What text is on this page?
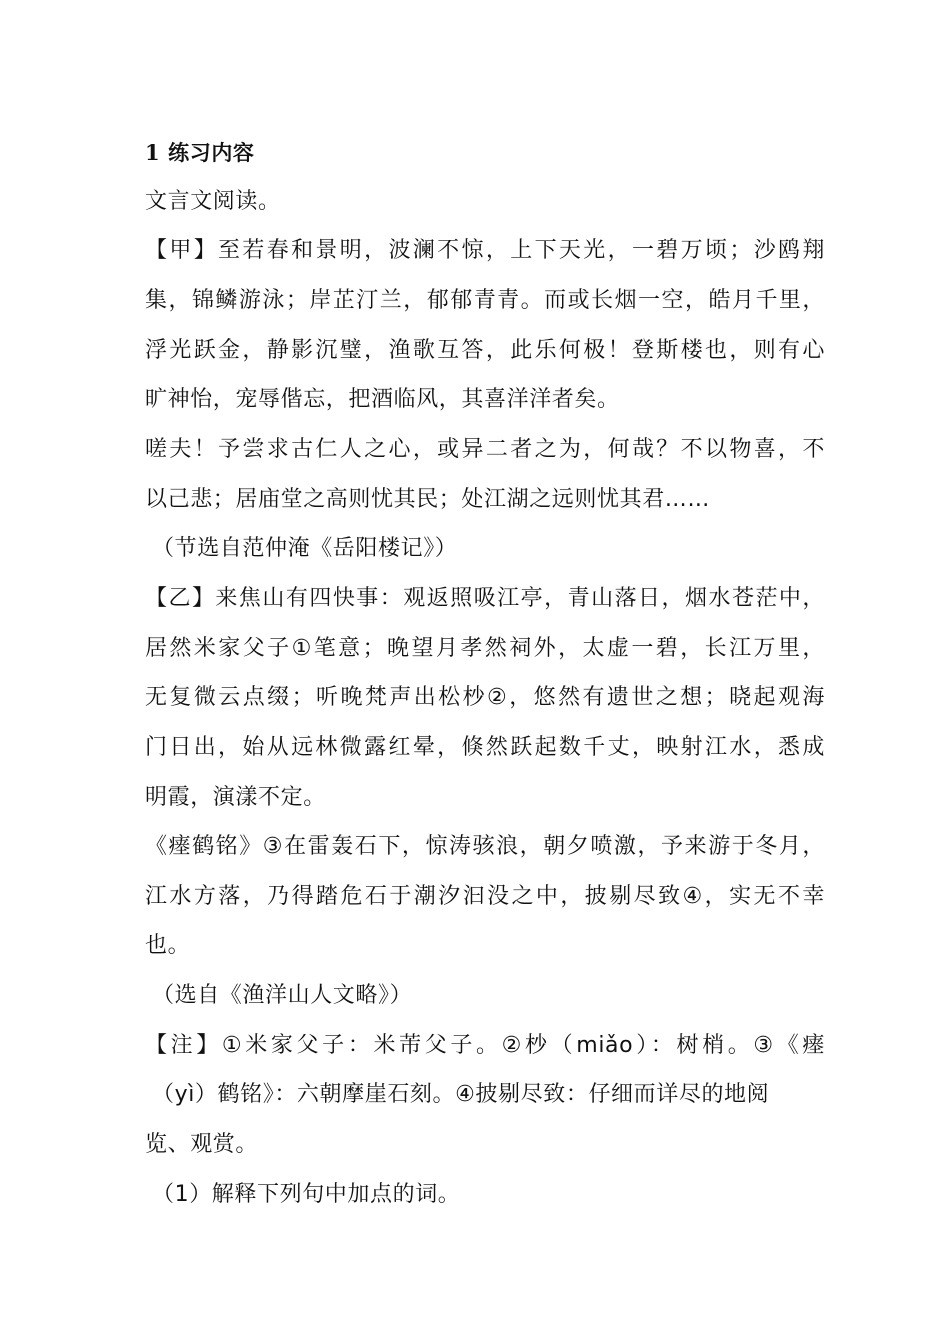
1 练习内容
文言文阅读。
【甲】至若春和景明，波澜不惊，上下天光，一碧万顷；沙鸥翔
集，锦鳞游泳；岸芷汀兰，郁郁青青。而或长烟一空，皓月千里，
浮光跃金，静影沉璧，渔歌互答，此乐何极！登斯楼也，则有心
旷神怡，宠辱偕忘，把酒临风，其喜洋洋者矣。
嗟夫！予尝求古仁人之心，或异二者之为，何哉？不以物喜，不
以己悲；居庙堂之高则忧其民；处江湖之远则忧其君……
（节选自范仲淹《岳阳楼记》）
【乙】来焦山有四快事：观返照吸江亭，青山落日，烟水苍茫中，
居然米家父子①笔意；晚望月孝然祠外，太虚一碧，长江万里，
无复微云点缀；听晚梵声出松杪②，悠然有遗世之想；晓起观海
门日出，始从远林微露红晕，倏然跃起数千丈，映射江水，悉成
明霞，演漾不定。
《瘗鹤铭》③在雷轰石下，惊涛骇浪，朝夕喷激，予来游于冬月，
江水方落，乃得踏危石于潮汐汩没之中，披剔尽致④，实无不幸
也。
（选自《渔洋山人文略》）
【注】①米家父子：米芾父子。②杪（miǎo）：树梢。③《瘗
（yì）鹤铭》：六朝摩崖石刻。④披剔尽致：仔细而详尽的地阅
览、观赏。
（1）解释下列句中加点的词。
